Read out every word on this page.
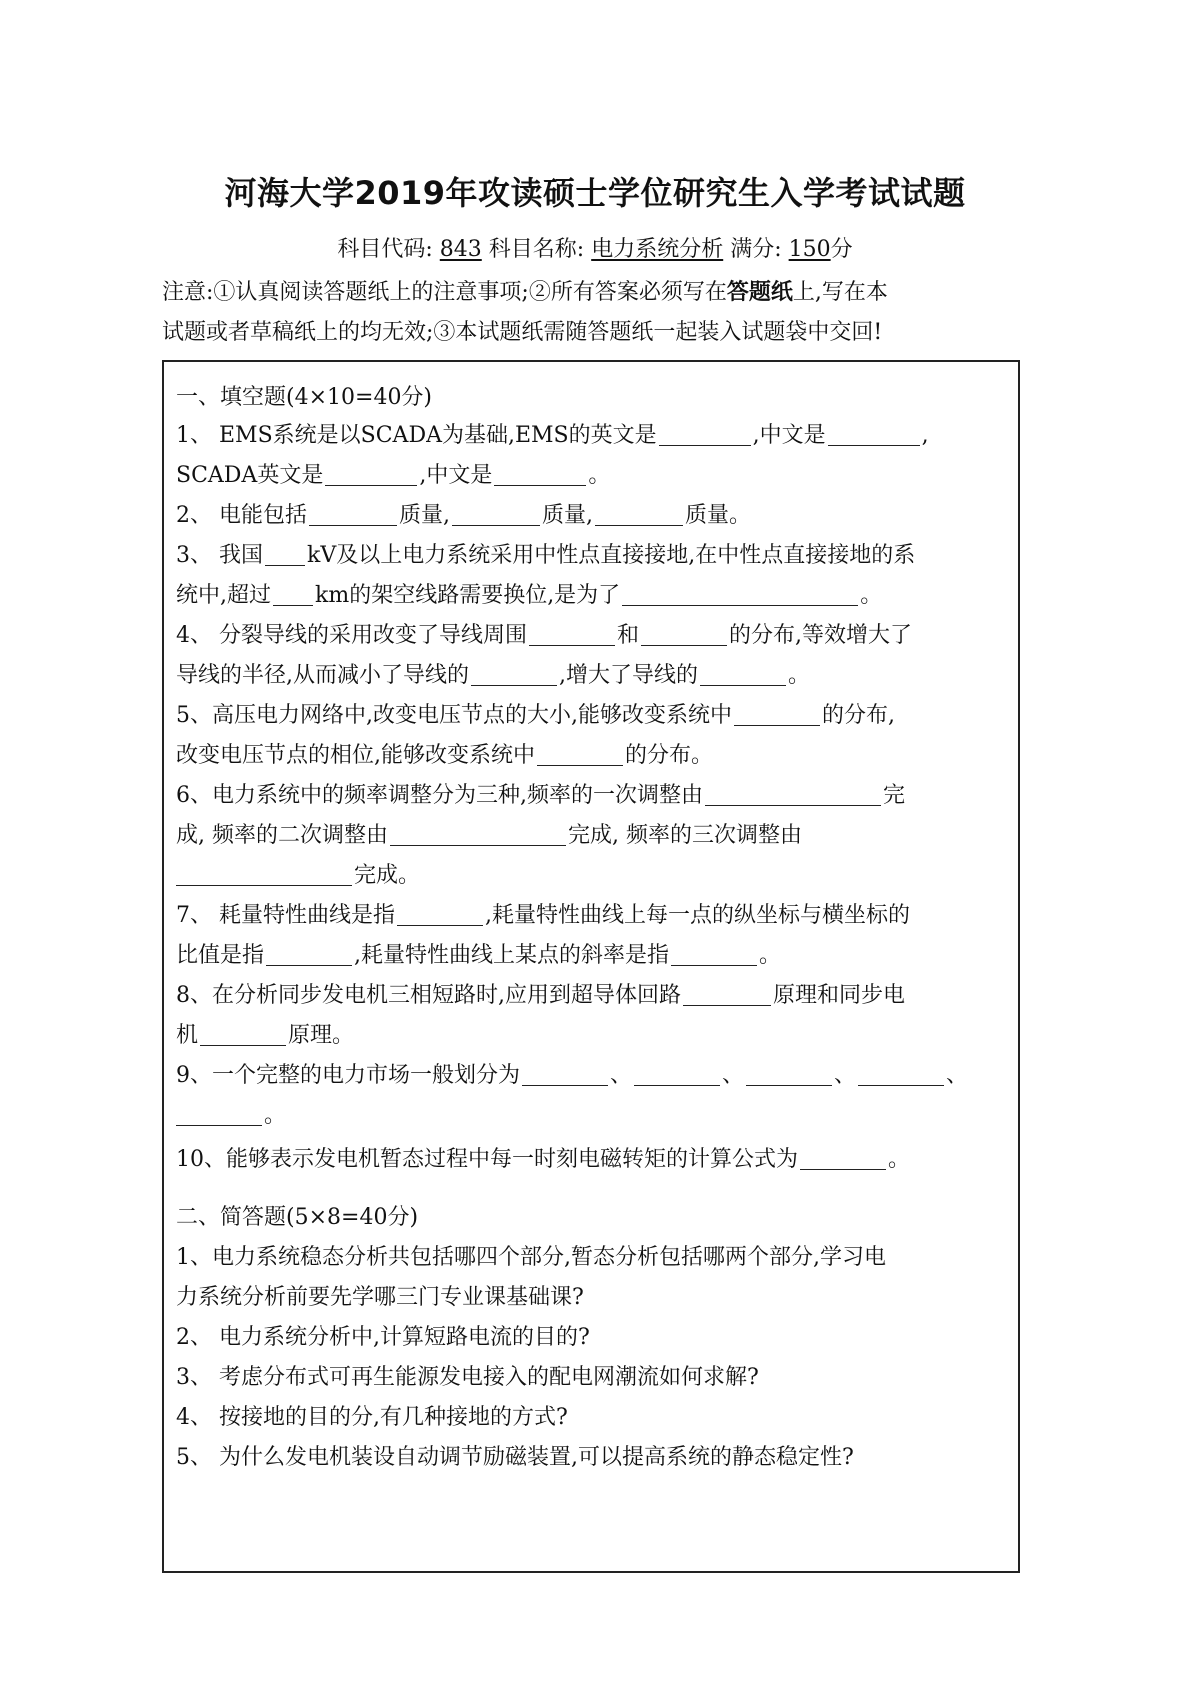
河海大学2019年攻读硕士学位研究生入学考试试题
科目代码: 843 科目名称: 电力系统分析 满分: 150分
注意:①认真阅读答题纸上的注意事项;②所有答案必须写在答题纸上,写在本
试题或者草稿纸上的均无效;③本试题纸需随答题纸一起装入试题袋中交回!
一、填空题(4×10=40分)
1、 EMS系统是以SCADA为基础,EMS的英文是	,中文是	,
SCADA英文是	,中文是	。
2、 电能包括	质量,	质量,	质量。
3、 我国 kV及以上电力系统采用中性点直接接地,在中性点直接接地的系
统中,超过 km的架空线路需要换位,是为了	。
4、 分裂导线的采用改变了导线周围	和	的分布,等效增大了
导线的半径,从而减小了导线的	,增大了导线的	。
5、高压电力网络中,改变电压节点的大小,能够改变系统中	的分布,
改变电压节点的相位,能够改变系统中	的分布。
6、电力系统中的频率调整分为三种,频率的一次调整由	完
成, 频率的二次调整由	完成, 频率的三次调整由
完成。
7、 耗量特性曲线是指	,耗量特性曲线上每一点的纵坐标与横坐标的
比值是指	,耗量特性曲线上某点的斜率是指	。
8、在分析同步发电机三相短路时,应用到超导体回路	原理和同步电
机	原理。
9、一个完整的电力市场一般划分为	、	、	、	、
。
10、能够表示发电机暂态过程中每一时刻电磁转矩的计算公式为	。
二、简答题(5×8=40分)
1、电力系统稳态分析共包括哪四个部分,暂态分析包括哪两个部分,学习电
力系统分析前要先学哪三门专业课基础课?
2、 电力系统分析中,计算短路电流的目的?
3、 考虑分布式可再生能源发电接入的配电网潮流如何求解?
4、 按接地的目的分,有几种接地的方式?
5、 为什么发电机装设自动调节励磁装置,可以提高系统的静态稳定性?
